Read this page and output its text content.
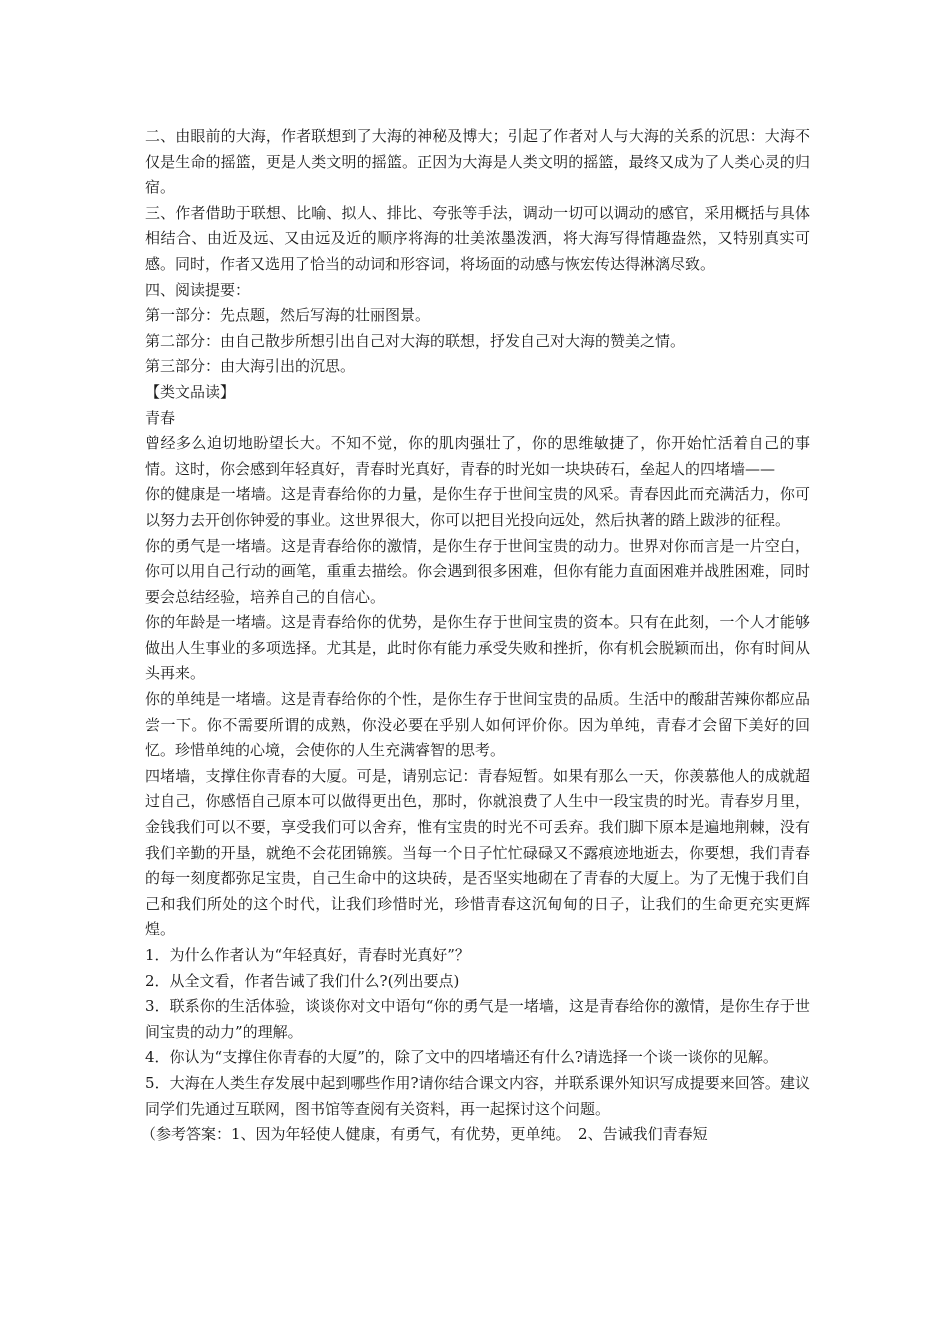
二、由眼前的大海，作者联想到了大海的神秘及博大；引起了作者对人与大海的关系的沉思：大海不仅是生命的摇篮，更是人类文明的摇篮。正因为大海是人类文明的摇篮，最终又成为了人类心灵的归宿。

三、作者借助于联想、比喻、拟人、排比、夸张等手法，调动一切可以调动的感官，采用概括与具体相结合、由近及远、又由远及近的顺序将海的壮美浓墨泼洒，将大海写得情趣盎然，又特别真实可感。同时，作者又选用了恰当的动词和形容词，将场面的动感与恢宏传达得淋漓尽致。

四、阅读提要：

第一部分：先点题，然后写海的壮丽图景。

第二部分：由自己散步所想引出自己对大海的联想，抒发自己对大海的赞美之情。

第三部分：由大海引出的沉思。

【类文品读】

青春

曾经多么迫切地盼望长大。不知不觉，你的肌肉强壮了，你的思维敏捷了，你开始忙活着自己的事情。这时，你会感到年轻真好，青春时光真好，青春的时光如一块块砖石，垒起人的四堵墙——

你的健康是一堵墙。这是青春给你的力量，是你生存于世间宝贵的风采。青春因此而充满活力，你可以努力去开创你钟爱的事业。这世界很大，你可以把目光投向远处，然后执著的踏上跋涉的征程。

你的勇气是一堵墙。这是青春给你的激情，是你生存于世间宝贵的动力。世界对你而言是一片空白，你可以用自己行动的画笔，重重去描绘。你会遇到很多困难，但你有能力直面困难并战胜困难，同时要会总结经验，培养自己的自信心。

你的年龄是一堵墙。这是青春给你的优势，是你生存于世间宝贵的资本。只有在此刻，一个人才能够做出人生事业的多项选择。尤其是，此时你有能力承受失败和挫折，你有机会脱颖而出，你有时间从头再来。

你的单纯是一堵墙。这是青春给你的个性，是你生存于世间宝贵的品质。生活中的酸甜苦辣你都应品尝一下。你不需要所谓的成熟，你没必要在乎别人如何评价你。因为单纯，青春才会留下美好的回忆。珍惜单纯的心境，会使你的人生充满睿智的思考。

四堵墙，支撑住你青春的大厦。可是，请别忘记：青春短暂。如果有那么一天，你羡慕他人的成就超过自己，你感悟自己原本可以做得更出色，那时，你就浪费了人生中一段宝贵的时光。青春岁月里，金钱我们可以不要，享受我们可以舍弃，惟有宝贵的时光不可丢弃。我们脚下原本是遍地荆棘，没有我们辛勤的开垦，就绝不会花团锦簇。当每一个日子忙忙碌碌又不露痕迹地逝去，你要想，我们青春的每一刻度都弥足宝贵，自己生命中的这块砖，是否坚实地砌在了青春的大厦上。为了无愧于我们自己和我们所处的这个时代，让我们珍惜时光，珍惜青春这沉甸甸的日子，让我们的生命更充实更辉煌。

1．为什么作者认为“年轻真好，青春时光真好”？

2．从全文看，作者告诫了我们什么?(列出要点)

3．联系你的生活体验，谈谈你对文中语句“你的勇气是一堵墙，这是青春给你的激情，是你生存于世间宝贵的动力”的理解。

4．你认为“支撑住你青春的大厦”的，除了文中的四堵墙还有什么?请选择一个谈一谈你的见解。

5．大海在人类生存发展中起到哪些作用?请你结合课文内容，并联系课外知识写成提要来回答。建议同学们先通过互联网，图书馆等查阅有关资料，再一起探讨这个问题。

（参考答案：1、因为年轻使人健康，有勇气，有优势，更单纯。　2、告诫我们青春短
